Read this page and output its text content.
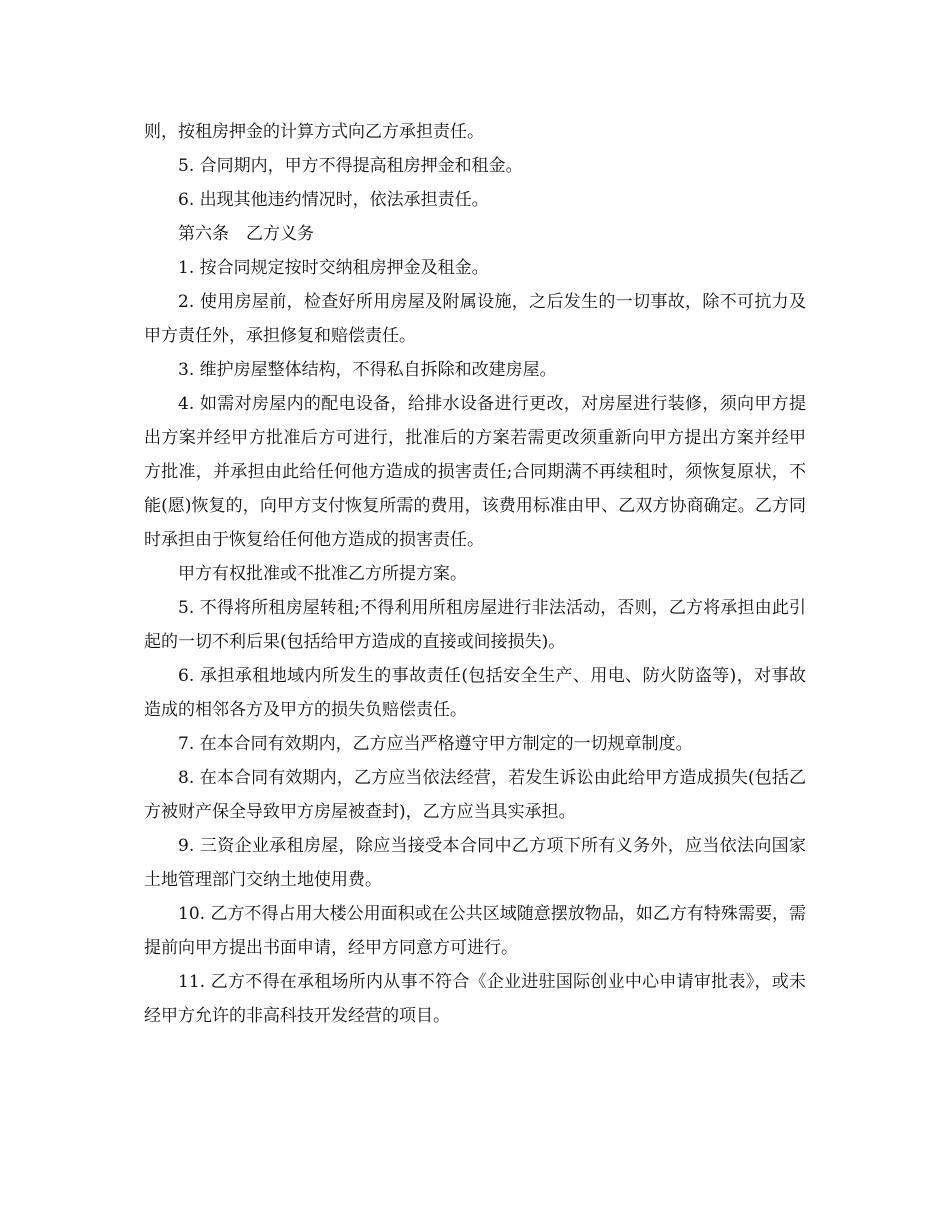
则，按租房押金的计算方式向乙方承担责任。

5. 合同期内，甲方不得提高租房押金和租金。

6. 出现其他违约情况时，依法承担责任。

第六条　乙方义务

1. 按合同规定按时交纳租房押金及租金。

2. 使用房屋前，检查好所用房屋及附属设施，之后发生的一切事故，除不可抗力及甲方责任外，承担修复和赔偿责任。

3. 维护房屋整体结构，不得私自拆除和改建房屋。

4. 如需对房屋内的配电设备，给排水设备进行更改，对房屋进行装修，须向甲方提出方案并经甲方批准后方可进行，批准后的方案若需更改须重新向甲方提出方案并经甲方批准，并承担由此给任何他方造成的损害责任;合同期满不再续租时，须恢复原状，不能(愿)恢复的，向甲方支付恢复所需的费用，该费用标准由甲、乙双方协商确定。乙方同时承担由于恢复给任何他方造成的损害责任。

甲方有权批准或不批准乙方所提方案。

5. 不得将所租房屋转租;不得利用所租房屋进行非法活动，否则，乙方将承担由此引起的一切不利后果(包括给甲方造成的直接或间接损失)。

6. 承担承租地域内所发生的事故责任(包括安全生产、用电、防火防盗等)，对事故造成的相邻各方及甲方的损失负赔偿责任。

7. 在本合同有效期内，乙方应当严格遵守甲方制定的一切规章制度。

8. 在本合同有效期内，乙方应当依法经营，若发生诉讼由此给甲方造成损失(包括乙方被财产保全导致甲方房屋被查封)，乙方应当具实承担。

9. 三资企业承租房屋，除应当接受本合同中乙方项下所有义务外，应当依法向国家土地管理部门交纳土地使用费。

10. 乙方不得占用大楼公用面积或在公共区域随意摆放物品，如乙方有特殊需要，需提前向甲方提出书面申请，经甲方同意方可进行。

11. 乙方不得在承租场所内从事不符合《企业进驻国际创业中心申请审批表》，或未经甲方允许的非高科技开发经营的项目。
